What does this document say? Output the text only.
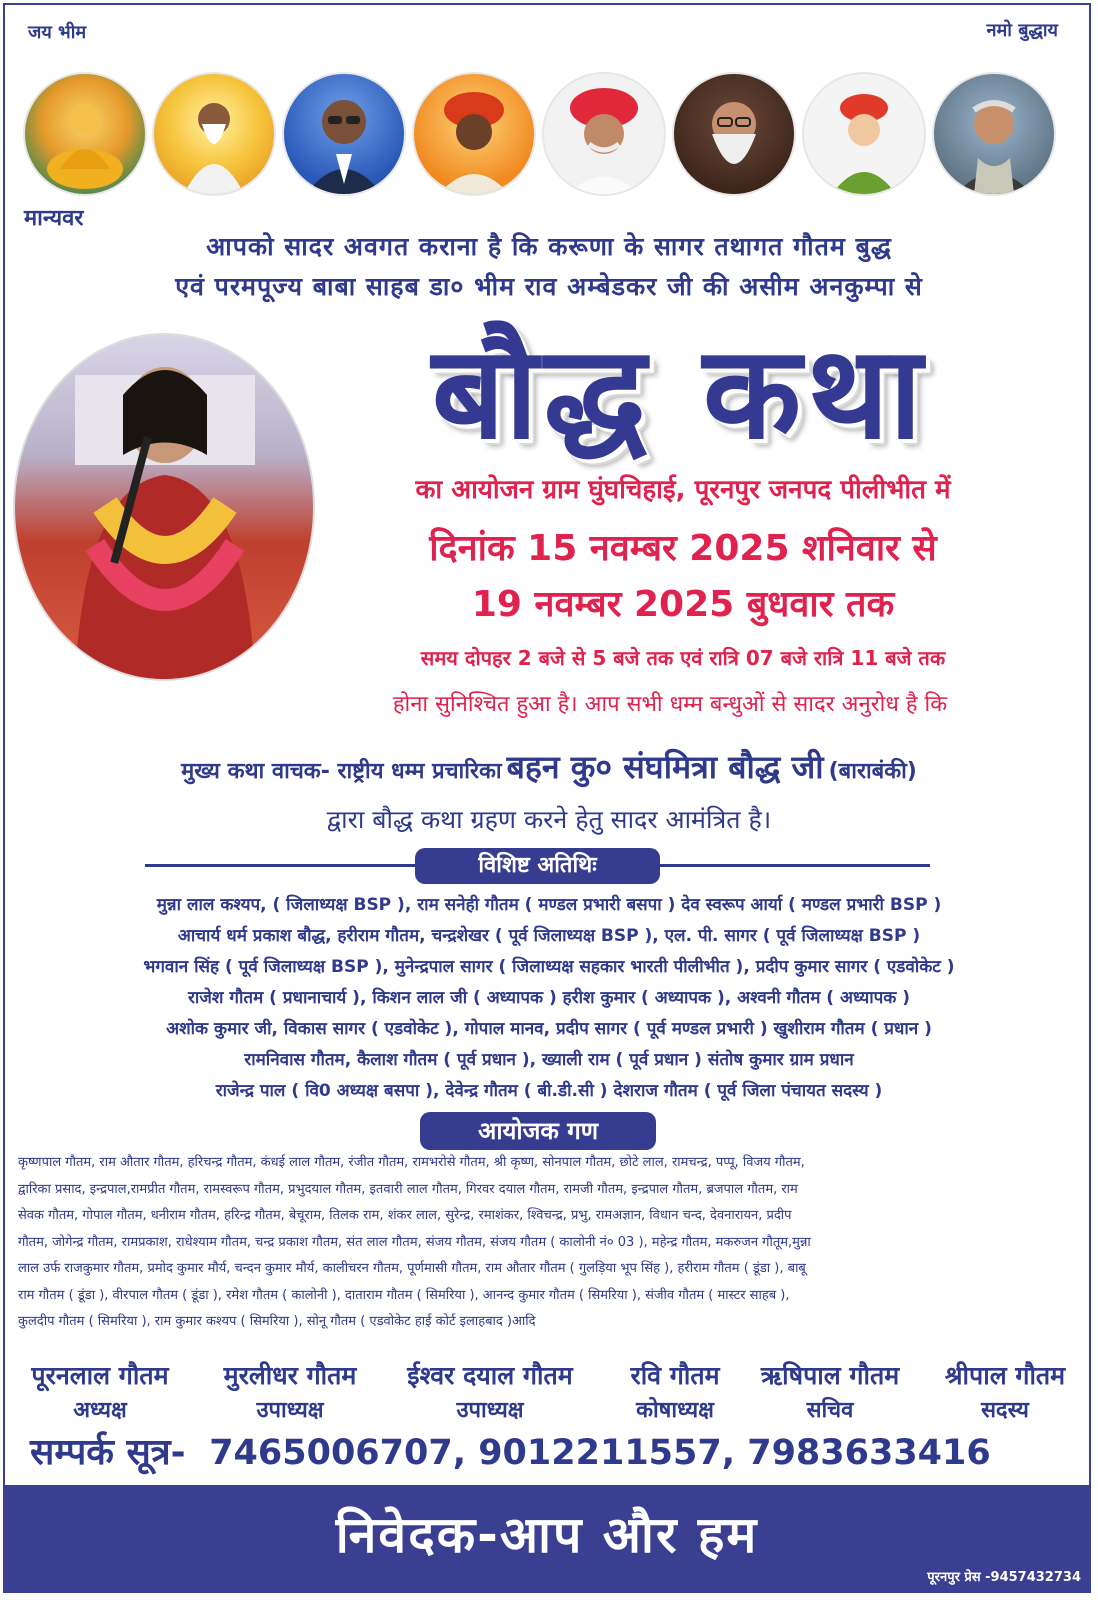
जय भीम	नमो बुद्धाय
मान्यवर
आपको सादर अवगत कराना है कि करूणा के सागर तथागत गौतम बुद्ध
एवं परमपूज्य बाबा साहब डा० भीम राव अम्बेडकर जी की असीम अनकुम्पा से
बौद्ध कथा
का आयोजन ग्राम घुंघचिहाई, पूरनपुर जनपद पीलीभीत में
दिनांक 15 नवम्बर 2025 शनिवार से
19 नवम्बर 2025 बुधवार तक
समय दोपहर 2 बजे से 5 बजे तक एवं रात्रि 07 बजे रात्रि 11 बजे तक
होना सुनिश्चित हुआ है। आप सभी धम्म बन्धुओं से सादर अनुरोध है कि
मुख्य कथा वाचक- राष्ट्रीय धम्म प्रचारिका बहन कु० संघमित्रा बौद्ध जी (बाराबंकी)
द्वारा बौद्ध कथा ग्रहण करने हेतु सादर आमंत्रित है।
विशिष्ट अतिथिः
मुन्ना लाल कश्यप, ( जिलाध्यक्ष BSP ), राम सनेही गौतम ( मण्डल प्रभारी बसपा ) देव स्वरूप आर्या ( मण्डल प्रभारी BSP )
आचार्य धर्म प्रकाश बौद्ध, हरीराम गौतम, चन्द्रशेखर ( पूर्व जिलाध्यक्ष BSP ), एल. पी. सागर ( पूर्व जिलाध्यक्ष BSP )
भगवान सिंह ( पूर्व जिलाध्यक्ष BSP ), मुनेन्द्रपाल सागर ( जिलाध्यक्ष सहकार भारती पीलीभीत ), प्रदीप कुमार सागर ( एडवोकेट )
राजेश गौतम ( प्रधानाचार्य ), किशन लाल जी ( अध्यापक ) हरीश कुमार ( अध्यापक ), अश्वनी गौतम ( अध्यापक )
अशोक कुमार जी, विकास सागर ( एडवोकेट ), गोपाल मानव, प्रदीप सागर ( पूर्व मण्डल प्रभारी ) खुशीराम गौतम ( प्रधान )
रामनिवास गौतम, कैलाश गौतम ( पूर्व प्रधान ), ख्याली राम ( पूर्व प्रधान ) संतोष कुमार ग्राम प्रधान
राजेन्द्र पाल ( वि0 अध्यक्ष बसपा ), देवेन्द्र गौतम ( बी.डी.सी ) देशराज गौतम ( पूर्व जिला पंचायत सदस्य )
आयोजक गण
कृष्णपाल गौतम, राम औतार गौतम, हरिचन्द्र गौतम, कंधई लाल गौतम, रंजीत गौतम, रामभरोसे गौतम, श्री कृष्ण, सोनपाल गौतम, छोटे लाल, रामचन्द्र, पप्पू, विजय गौतम,
द्वारिका प्रसाद, इन्द्रपाल,रामप्रीत गौतम, रामस्वरूप गौतम, प्रभुदयाल गौतम, इतवारी लाल गौतम, गिरवर दयाल गौतम, रामजी गौतम, इन्द्रपाल गौतम, ब्रजपाल गौतम, राम
सेवक गौतम, गोपाल गौतम, धनीराम गौतम, हरिन्द्र गौतम, बेचूराम, तिलक राम, शंकर लाल, सुरेन्द्र, रमाशंकर, श्विचन्द्र, प्रभु, रामअज्ञान, विधान चन्द, देवनारायन, प्रदीप
गौतम, जोगेन्द्र गौतम, रामप्रकाश, राधेश्याम गौतम, चन्द्र प्रकाश गौतम, संत लाल गौतम, संजय गौतम, संजय गौतम ( कालोनी नं० 03 ), महेन्द्र गौतम, मकरुजन गौतूम,मुन्ना
लाल उर्फ राजकुमार गौतम, प्रमोद कुमार मौर्य, चन्दन कुमार मौर्य, कालीचरन गौतम, पूर्णमासी गौतम, राम औतार गौतम ( गुलड़िया भूप सिंह ), हरीराम गौतम ( डूंडा ), बाबू
राम गौतम ( डूंडा ), वीरपाल गौतम ( डूंडा ), रमेश गौतम ( कालोनी ), दाताराम गौतम ( सिमरिया ), आनन्द कुमार गौतम ( सिमरिया ), संजीव गौतम ( मास्टर साहब ),
कुलदीप गौतम ( सिमरिया ), राम कुमार कश्यप ( सिमरिया ), सोनू गौतम ( एडवोकेट हाई कोर्ट इलाहबाद )आदि
पूरनलाल गौतम
अध्यक्ष
मुरलीधर गौतम
उपाध्यक्ष
ईश्वर दयाल गौतम
उपाध्यक्ष
रवि गौतम
कोषाध्यक्ष
ऋषिपाल गौतम
सचिव
श्रीपाल गौतम
सदस्य
सम्पर्क सूत्र- 7465006707, 9012211557, 7983633416
निवेदक-आप और हम
पूरनपुर प्रेस -9457432734
